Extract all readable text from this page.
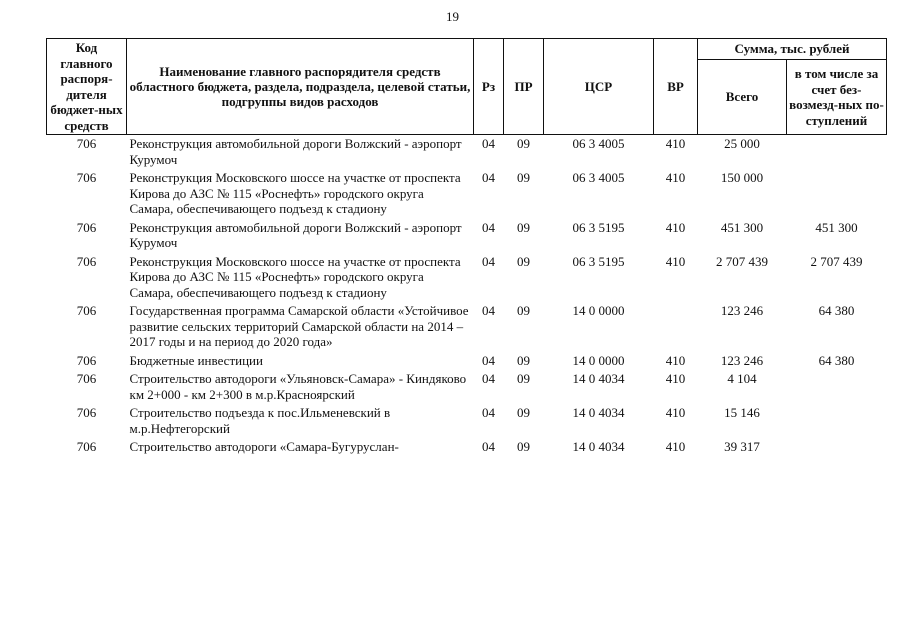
19
Код главного распоря-дителя бюджет-ных средств	Наименование главного распорядителя средств областного бюджета, раздела, подраздела, целевой статьи, подгруппы видов расходов	Рз	ПР	ЦСР	ВР	Сумма, тыс. рублей	
						Всего	в том числе за счет без-возмезд-ных по-ступлений
706	Реконструкция автомобильной дороги Волжский - аэропорт Курумоч	04	09	06 3 4005	410	25 000	
706	Реконструкция Московского шоссе на участке от проспекта Кирова до АЗС № 115 «Роснефть» городского округа Самара, обеспечивающего подъезд к стадиону	04	09	06 3 4005	410	150 000	
706	Реконструкция автомобильной дороги Волжский - аэропорт Курумоч	04	09	06 3 5195	410	451 300	451 300
706	Реконструкция Московского шоссе на участке от проспекта Кирова до АЗС № 115 «Роснефть» городского округа Самара, обеспечивающего подъезд к стадиону	04	09	06 3 5195	410	2 707 439	2 707 439
706	Государственная программа Самарской области «Устойчивое развитие сельских территорий Самарской области на 2014 – 2017 годы и на период до 2020 года»	04	09	14 0 0000		123 246	64 380
706	Бюджетные инвестиции	04	09	14 0 0000	410	123 246	64 380
706	Строительство автодороги «Ульяновск-Самара» - Киндяково км 2+000 - км 2+300 в м.р.Красноярский	04	09	14 0 4034	410	4 104	
706	Строительство подъезда к пос.Ильменевский в м.р.Нефтегорский	04	09	14 0 4034	410	15 146	
706	Строительство автодороги «Самара-Бугуруслан-	04	09	14 0 4034	410	39 317	
